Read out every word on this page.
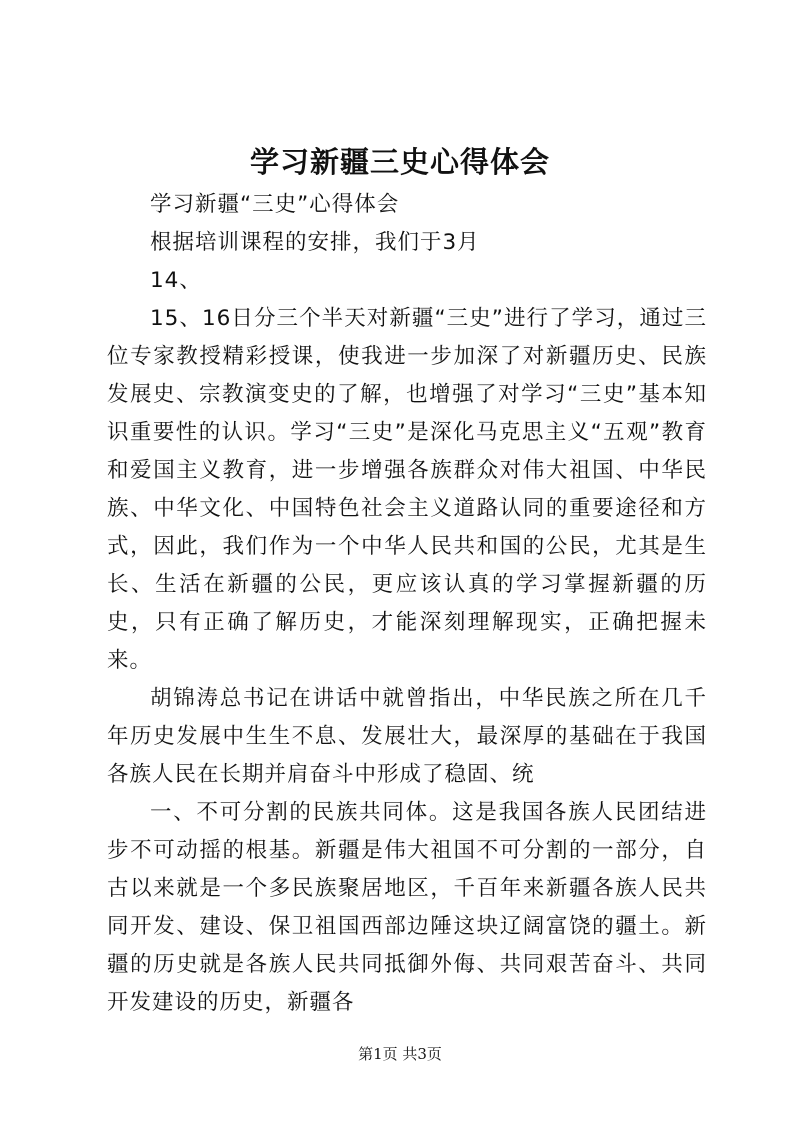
学习新疆三史心得体会

学习新疆“三史”心得体会

根据培训课程的安排，我们于3月

14、

15、16日分三个半天对新疆“三史”进行了学习，通过三位专家教授精彩授课，使我进一步加深了对新疆历史、民族发展史、宗教演变史的了解，也增强了对学习“三史”基本知识重要性的认识。学习“三史”是深化马克思主义“五观”教育和爱国主义教育，进一步增强各族群众对伟大祖国、中华民族、中华文化、中国特色社会主义道路认同的重要途径和方式，因此，我们作为一个中华人民共和国的公民，尤其是生长、生活在新疆的公民，更应该认真的学习掌握新疆的历史，只有正确了解历史，才能深刻理解现实，正确把握未来。

胡锦涛总书记在讲话中就曾指出，中华民族之所在几千年历史发展中生生不息、发展壮大，最深厚的基础在于我国各族人民在长期并肩奋斗中形成了稳固、统

一、不可分割的民族共同体。这是我国各族人民团结进步不可动摇的根基。新疆是伟大祖国不可分割的一部分，自古以来就是一个多民族聚居地区，千百年来新疆各族人民共同开发、建设、保卫祖国西部边陲这块辽阔富饶的疆土。新疆的历史就是各族人民共同抵御外侮、共同艰苦奋斗、共同开发建设的历史，新疆各

第1页 共3页
